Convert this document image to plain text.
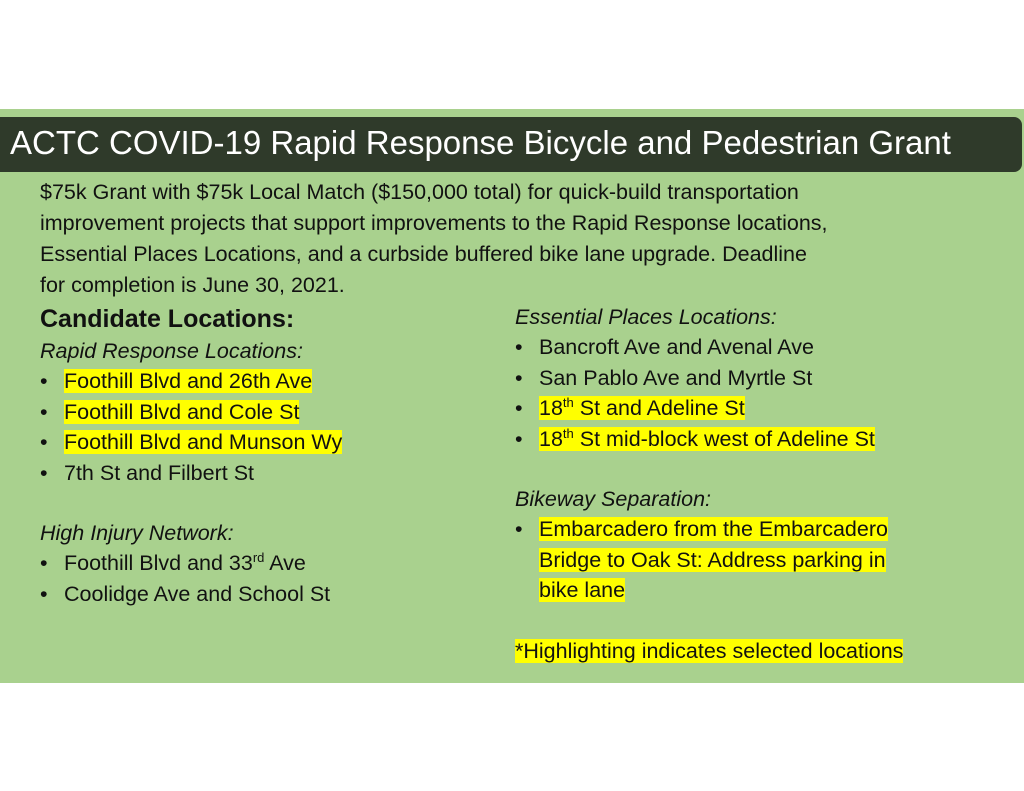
ACTC COVID-19 Rapid Response Bicycle and Pedestrian Grant
$75k Grant with $75k Local Match ($150,000 total) for quick-build transportation
improvement projects that support improvements to the Rapid Response locations,
Essential Places Locations, and a curbside buffered bike lane upgrade. Deadline
for completion is June 30, 2021.

Candidate Locations:

Rapid Response Locations:

• Foothill Blvd and 26th Ave
• Foothill Blvd and Cole St
• Foothill Blvd and Munson Wy
• 7th St and Filbert St

High Injury Network:

• Foothill Blvd and 33rd Ave
• Coolidge Ave and School St

Essential Places Locations:

• Bancroft Ave and Avenal Ave
• San Pablo Ave and Myrtle St
• 18th St and Adeline St
• 18th St mid-block west of Adeline St

Bikeway Separation:

• Embarcadero from the Embarcadero
Bridge to Oak St: Address parking in
bike lane

*Highlighting indicates selected locations
